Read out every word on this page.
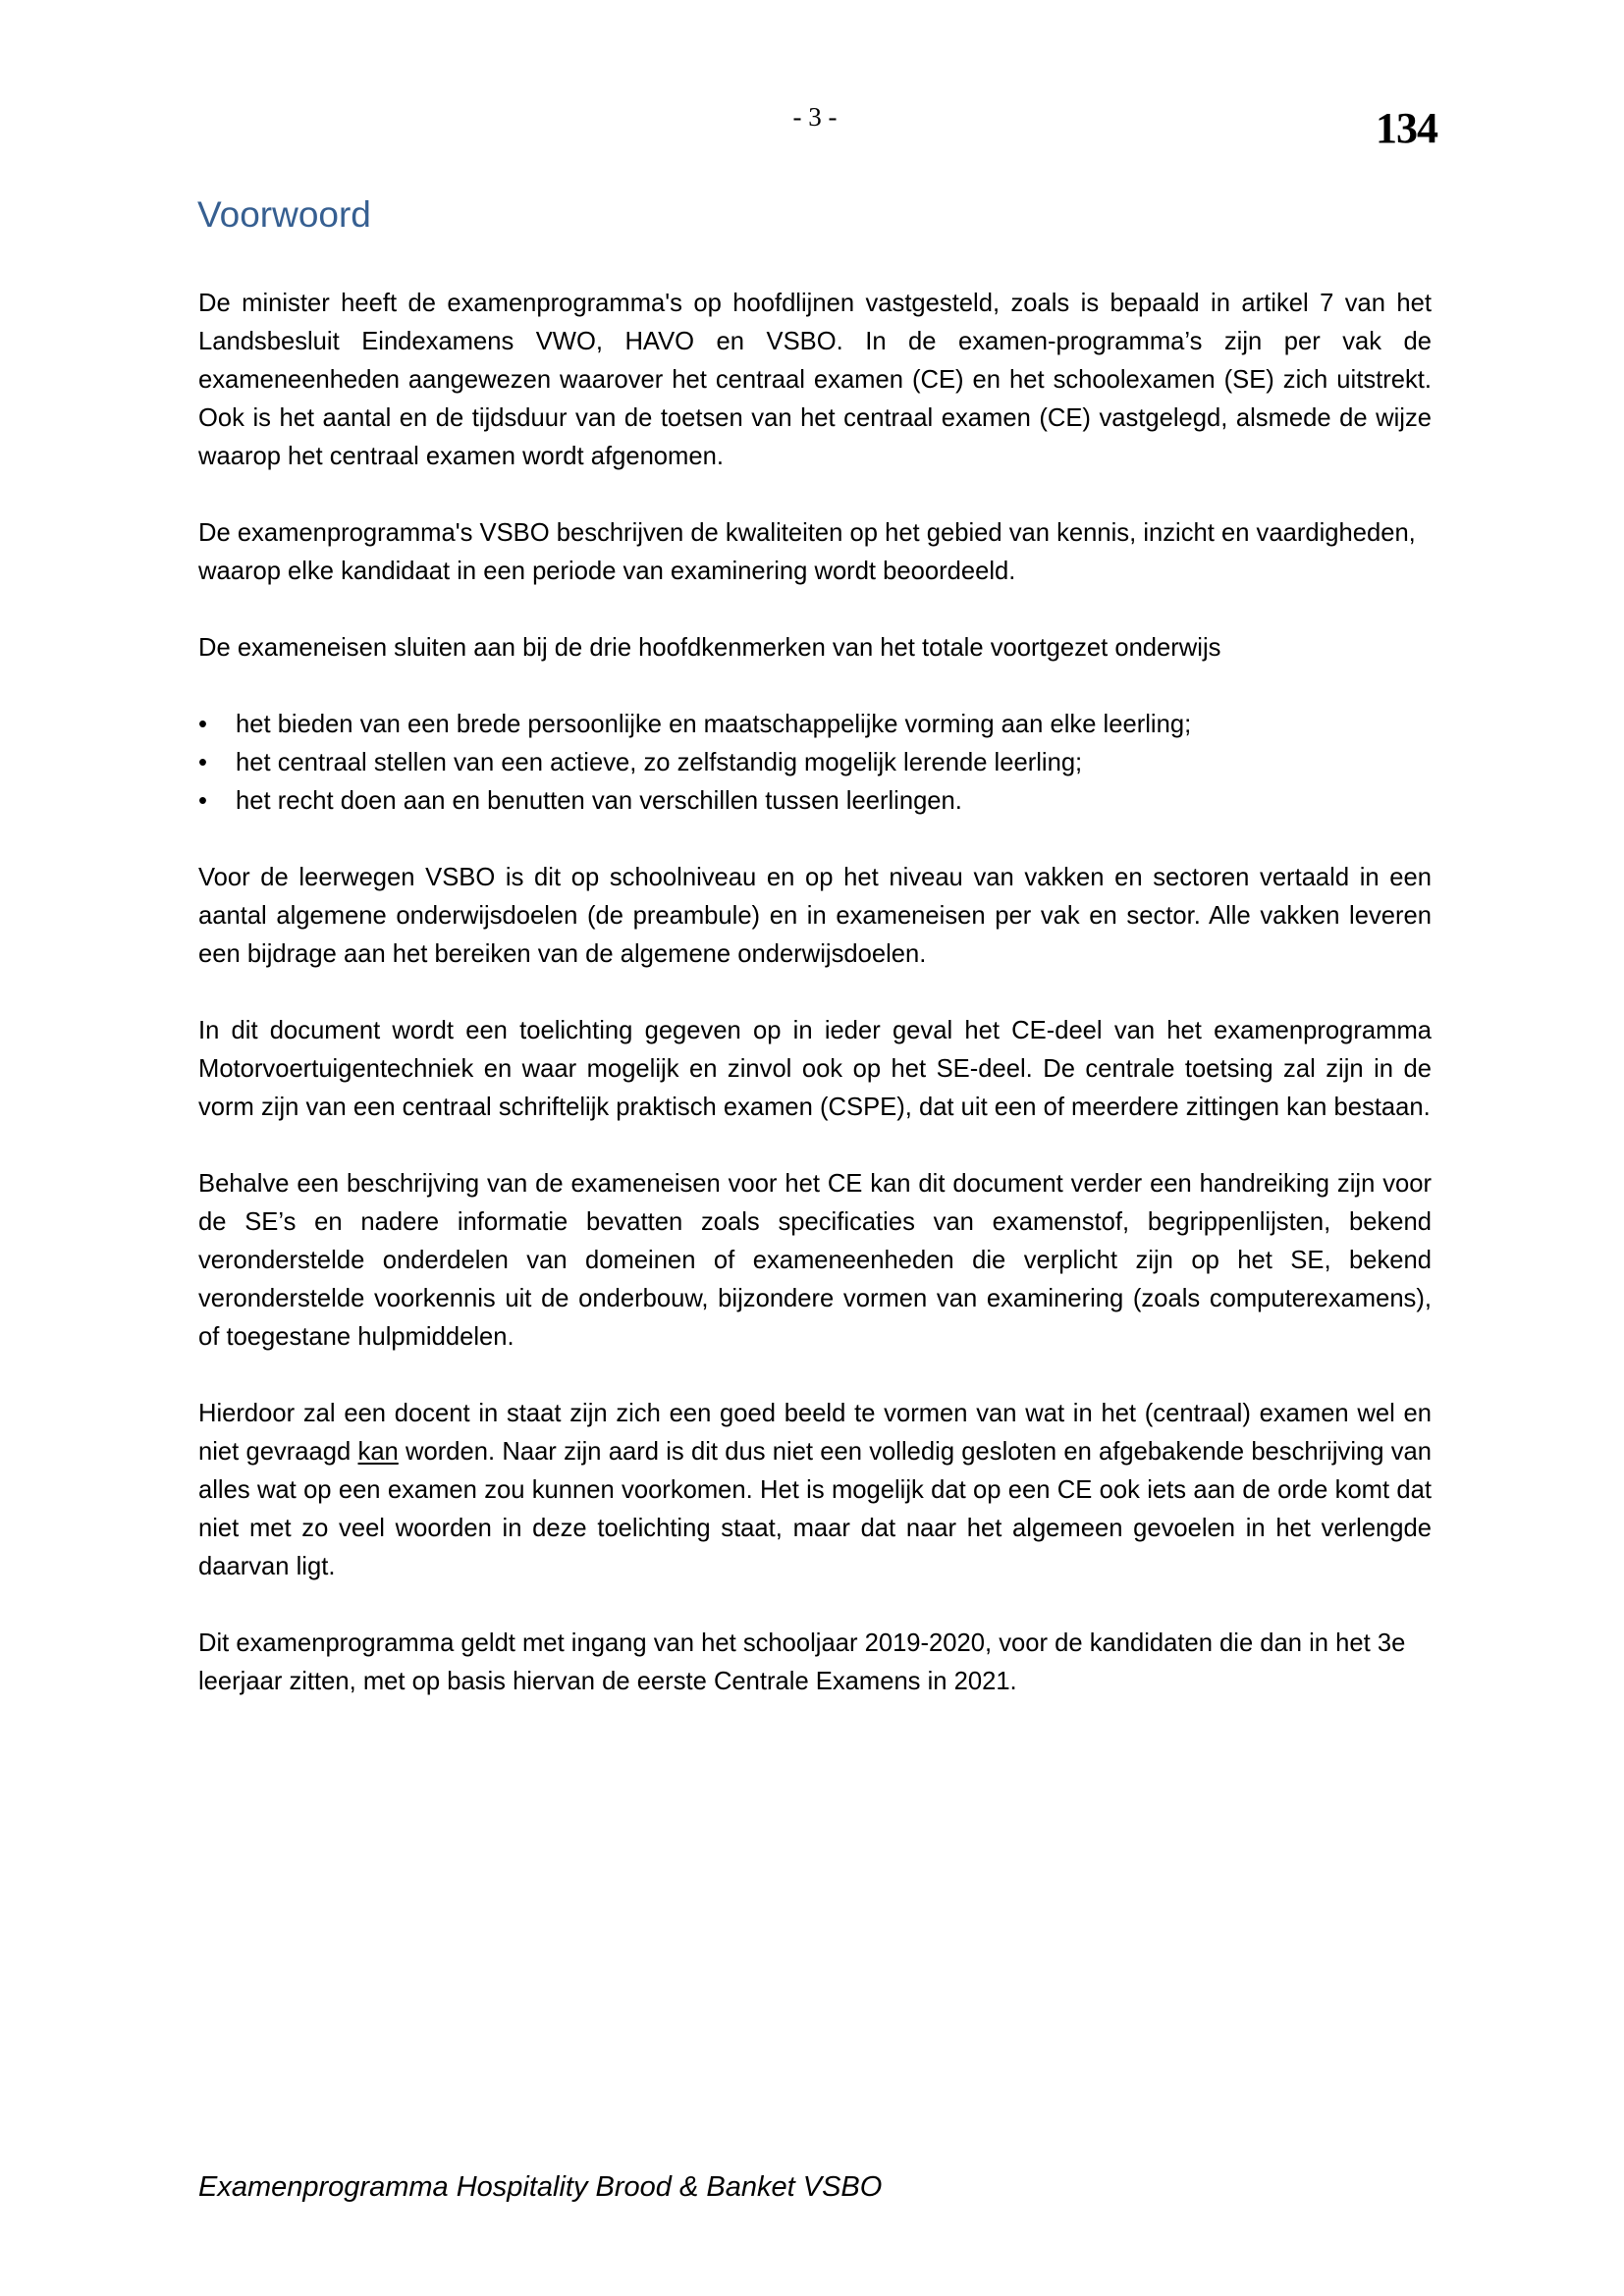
- 3 -	134
Voorwoord

De minister heeft de examenprogramma's op hoofdlijnen vastgesteld, zoals is bepaald in artikel 7 van het Landsbesluit Eindexamens VWO, HAVO en VSBO. In de examen-programma’s zijn per vak de exameneenheden aangewezen waarover het centraal examen (CE) en het schoolexamen (SE) zich uitstrekt. Ook is het aantal en de tijdsduur van de toetsen van het centraal examen (CE) vastgelegd, alsmede de wijze waarop het centraal examen wordt afgenomen.

De examenprogramma's VSBO beschrijven de kwaliteiten op het gebied van kennis, inzicht en vaardigheden, waarop elke kandidaat in een periode van examinering wordt beoordeeld.

De exameneisen sluiten aan bij de drie hoofdkenmerken van het totale voortgezet onderwijs

• het bieden van een brede persoonlijke en maatschappelijke vorming aan elke leerling;
• het centraal stellen van een actieve, zo zelfstandig mogelijk lerende leerling;
• het recht doen aan en benutten van verschillen tussen leerlingen.

Voor de leerwegen VSBO is dit op schoolniveau en op het niveau van vakken en sectoren vertaald in een aantal algemene onderwijsdoelen (de preambule) en in exameneisen per vak en sector. Alle vakken leveren een bijdrage aan het bereiken van de algemene onderwijsdoelen.

In dit document wordt een toelichting gegeven op in ieder geval het CE-deel van het examenprogramma Motorvoertuigentechniek en waar mogelijk en zinvol ook op het SE-deel. De centrale toetsing zal zijn in de vorm zijn van een centraal schriftelijk praktisch examen (CSPE), dat uit een of meerdere zittingen kan bestaan.

Behalve een beschrijving van de exameneisen voor het CE kan dit document verder een handreiking zijn voor de SE’s en nadere informatie bevatten zoals specificaties van examenstof, begrippenlijsten, bekend veronderstelde onderdelen van domeinen of exameneenheden die verplicht zijn op het SE, bekend veronderstelde voorkennis uit de onderbouw, bijzondere vormen van examinering (zoals computerexamens), of toegestane hulpmiddelen.

Hierdoor zal een docent in staat zijn zich een goed beeld te vormen van wat in het (centraal) examen wel en niet gevraagd kan worden. Naar zijn aard is dit dus niet een volledig gesloten en afgebakende beschrijving van alles wat op een examen zou kunnen voorkomen. Het is mogelijk dat op een CE ook iets aan de orde komt dat niet met zo veel woorden in deze toelichting staat, maar dat naar het algemeen gevoelen in het verlengde daarvan ligt.

Dit examenprogramma geldt met ingang van het schooljaar 2019-2020, voor de kandidaten die dan in het 3e leerjaar zitten, met op basis hiervan de eerste Centrale Examens in 2021.

Examenprogramma Hospitality Brood & Banket VSBO
